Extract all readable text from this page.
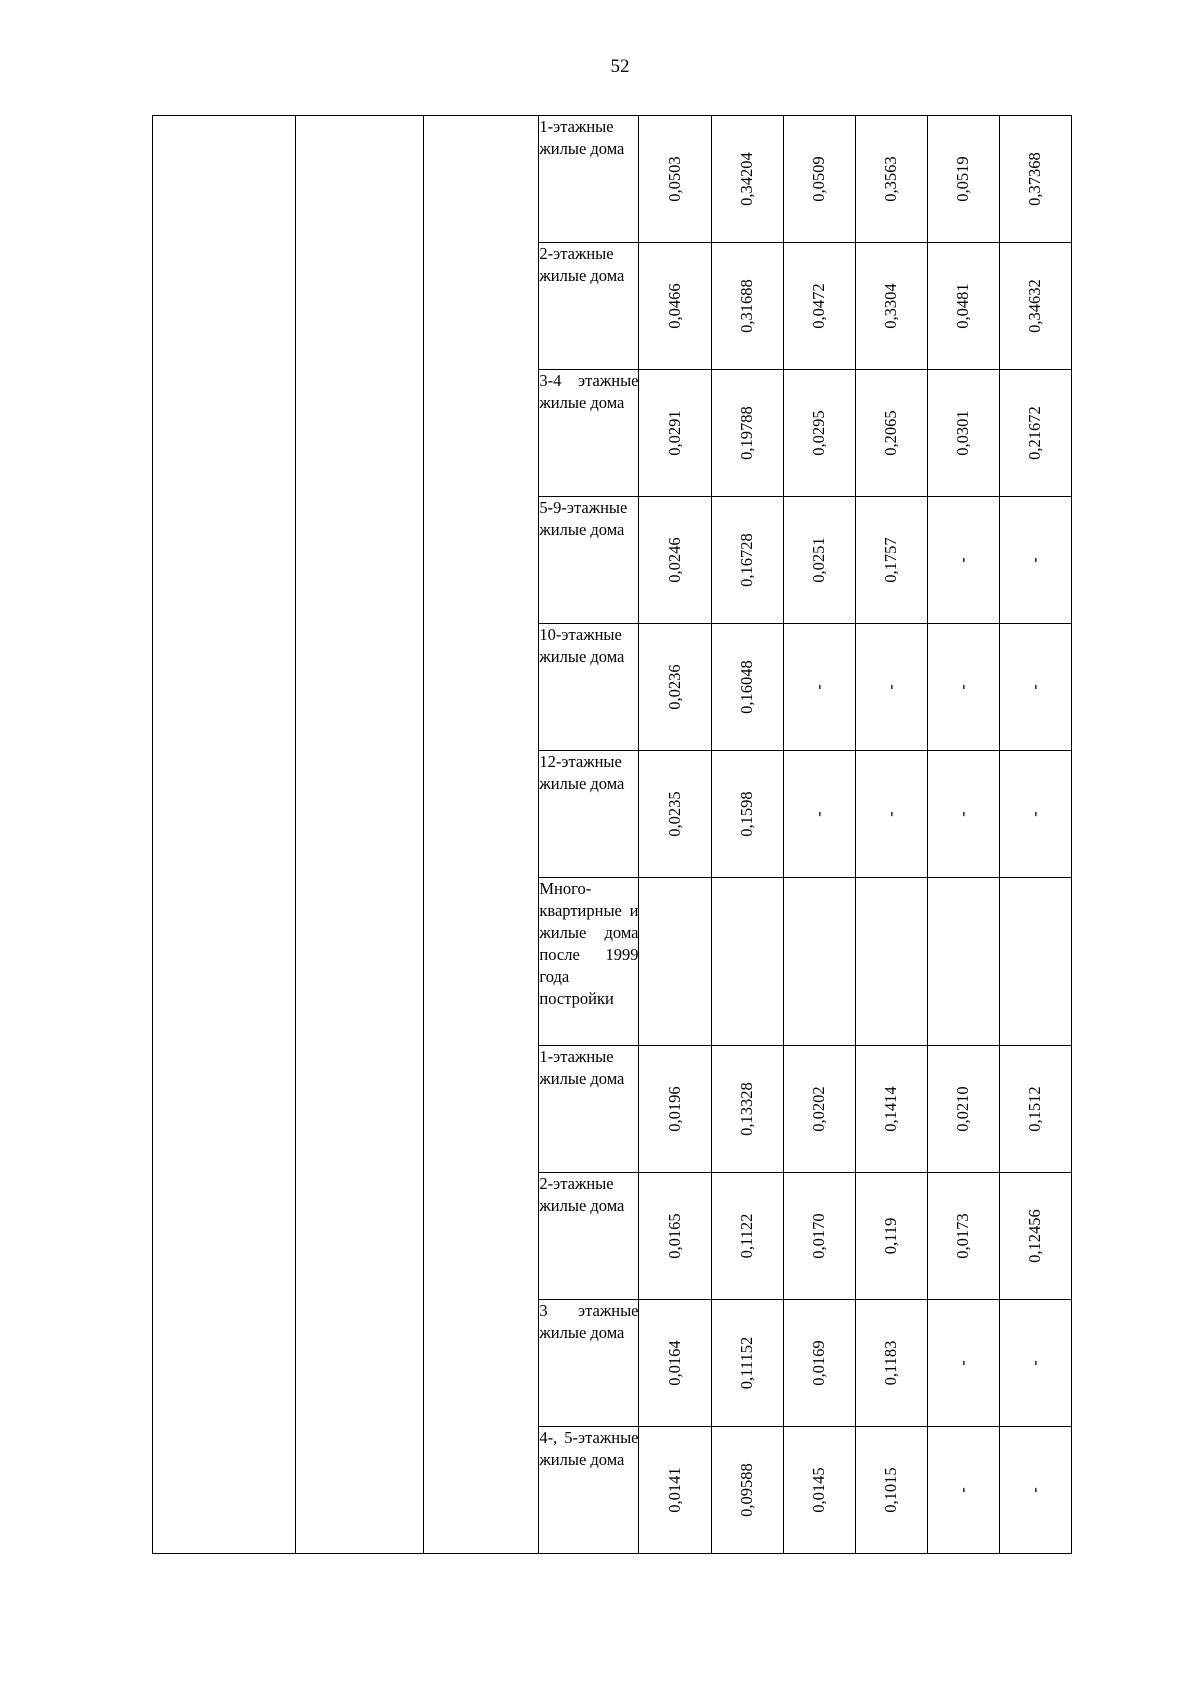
52
			1-этажные жилые дома	0,0503	0,34204	0,0509	0,3563	0,0519	0,37368

			2-этажные жилые дома	0,0466	0,31688	0,0472	0,3304	0,0481	0,34632

			3-4 этажные жилые дома	0,0291	0,19788	0,0295	0,2065	0,0301	0,21672

			5-9-этажные жилые дома	0,0246	0,16728	0,0251	0,1757	-	-

			10-этажные жилые дома	0,0236	0,16048	-	-	-	-

			12-этажные жилые дома	0,0235	0,1598	-	-	-	-

			Многоквартирные и жилые дома после 1999 года постройки	

			1-этажные жилые дома	0,0196	0,13328	0,0202	0,1414	0,0210	0,1512

			2-этажные жилые дома	0,0165	0,1122	0,0170	0,119	0,0173	0,12456

			3 этажные жилые дома	0,0164	0,11152	0,0169	0,1183	-	-

			4-, 5-этажные жилые дома	0,0141	0,09588	0,0145	0,1015	-	-
